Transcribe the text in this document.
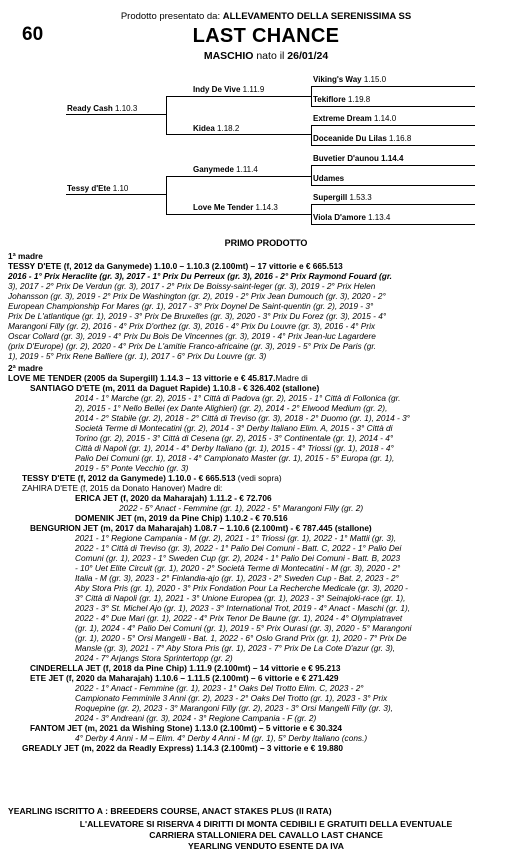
Prodotto presentato da: ALLEVAMENTO DELLA SERENISSIMA SS
60	LAST CHANCE
MASCHIO nato il 26/01/24
Ready Cash 1.10.3
Tessy d'Ete 1.10
Indy De Vive 1.11.9
Kidea 1.18.2
Ganymede 1.11.4
Love Me Tender 1.14.3
Viking's Way 1.15.0
Tekiflore 1.19.8
Extreme Dream 1.14.0
Doceanide Du Lilas 1.16.8
Buvetier D'aunou 1.14.4
Udames
Supergill 1.53.3
Viola D'amore 1.13.4
PRIMO PRODOTTO
1ª madre
TESSY D'ETE (f, 2012 da Ganymede) 1.10.0 – 1.10.3 (2.100mt) – 17 vittorie e € 665.513
2016 - 1° Prix Heraclite (gr. 3), 2017 - 1° Prix Du Perreux (gr. 3), 2016 - 2° Prix Raymond Fouard (gr.
3), 2017 - 2° Prix De Verdun (gr. 3), 2017 - 2° Prix De Boissy-saint-leger (gr. 3), 2019 - 2° Prix Helen
Johansson (gr. 3), 2019 - 2° Prix De Washington (gr. 2), 2019 - 2° Prix Jean Dumouch (gr. 3), 2020 - 2°
European Championship For Mares (gr. 1), 2017 - 3° Prix Doynel De Saint-quentin (gr. 2), 2019 - 3°
Prix De L'atlantique (gr. 1), 2019 - 3° Prix De Bruxelles (gr. 3), 2020 - 3° Prix Du Forez (gr. 3), 2015 - 4°
Marangoni Filly (gr. 2), 2016 - 4° Prix D'orthez (gr. 3), 2016 - 4° Prix Du Louvre (gr. 3), 2016 - 4° Prix
Oscar Collard (gr. 3), 2019 - 4° Prix Du Bois De Vincennes (gr. 3), 2019 - 4° Prix Jean-luc Lagardere
(prix D'Europe) (gr. 2), 2020 - 4° Prix De L'amitie Franco-africaine (gr. 3), 2019 - 5° Prix De Paris (gr.
1), 2019 - 5° Prix Rene Balliere (gr. 1), 2017 - 6° Prix Du Louvre (gr. 3)
2ª madre
LOVE ME TENDER (2005 da Supergill) 1.14.3 – 13 vittorie e € 45.817.Madre di
SANTIAGO D'ETE (m, 2011 da Daguet Rapide) 1.10.8 - € 326.402 (stallone)
2014 - 1° Marche (gr. 2), 2015 - 1° Città di Padova (gr. 2), 2015 - 1° Città di Follonica (gr.
2), 2015 - 1° Nello Bellei (ex Dante Alighieri) (gr. 2), 2014 - 2° Elwood Medium (gr. 2),
2014 - 2° Stabile (gr. 2), 2018 - 2° Città di Treviso (gr. 3), 2018 - 2° Duomo (gr. 1), 2014 - 3°
Società Terme di Montecatini (gr. 2), 2014 - 3° Derby Italiano Elim. A, 2015 - 3° Città di
Torino (gr. 2), 2015 - 3° Città di Cesena (gr. 2), 2015 - 3° Continentale (gr. 1), 2014 - 4°
Città di Napoli (gr. 1), 2014 - 4° Derby Italiano (gr. 1), 2015 - 4° Triossi (gr. 1), 2018 - 4°
Palio Dei Comuni (gr. 1), 2018 - 4° Campionato Master (gr. 1), 2015 - 5° Europa (gr. 1),
2019 - 5° Ponte Vecchio (gr. 3)
TESSY D'ETE (f, 2012 da Ganymede) 1.10.0 - € 665.513 (vedi sopra)
ZAHIRA D'ETE (f, 2015 da Donato Hanover) Madre di:
ERICA JET (f, 2020 da Maharajah) 1.11.2 - € 72.706
2022 - 5° Anact - Femmine (gr. 1), 2022 - 5° Marangoni Filly (gr. 2)
DOMENIK JET (m, 2019 da Pine Chip) 1.10.2 - € 70.516
BENGURION JET (m, 2017 da Maharajah) 1.08.7 – 1.10.6 (2.100mt) - € 787.445 (stallone)
2021 - 1° Regione Campania - M (gr. 2), 2021 - 1° Triossi (gr. 1), 2022 - 1° Mattii (gr. 3),
2022 - 1° Città di Treviso (gr. 3), 2022 - 1° Palio Dei Comuni - Batt. C, 2022 - 1° Palio Dei
Comuni (gr. 1), 2023 - 1° Sweden Cup (gr. 2), 2024 - 1° Palio Dei Comuni - Batt. B, 2023
- 10° Uet Elite Circuit (gr. 1), 2020 - 2° Società Terme di Montecatini - M (gr. 3), 2020 - 2°
Italia - M (gr. 3), 2023 - 2° Finlandia-ajo (gr. 1), 2023 - 2° Sweden Cup - Bat. 2, 2023 - 2°
Aby Stora Pris (gr. 1), 2020 - 3° Prix Fondation Pour La Recherche Medicale (gr. 3), 2020 -
3° Città di Napoli (gr. 1), 2021 - 3° Unione Europea (gr. 1), 2023 - 3° Seinajoki-race (gr. 1),
2023 - 3° St. Michel Ajo (gr. 1), 2023 - 3° International Trot, 2019 - 4° Anact - Maschi (gr. 1),
2022 - 4° Due Mari (gr. 1), 2022 - 4° Prix Tenor De Baune (gr. 1), 2024 - 4° Olympiatravet
(gr. 1), 2024 - 4° Palio Dei Comuni (gr. 1), 2019 - 5° Prix Ourasi (gr. 3), 2020 - 5° Marangoni
(gr. 1), 2020 - 5° Orsi Mangelli - Bat. 1, 2022 - 6° Oslo Grand Prix (gr. 1), 2020 - 7° Prix De
Mansle (gr. 3), 2021 - 7° Aby Stora Pris (gr. 1), 2023 - 7° Prix De La Cote D'azur (gr. 3),
2024 - 7° Arjangs Stora Sprintertopp (gr. 2)
CINDERELLA JET (f, 2018 da Pine Chip) 1.11.9 (2.100mt) – 14 vittorie e € 95.213
ETE JET (f, 2020 da Maharajah) 1.10.6 – 1.11.5 (2.100mt) – 6 vittorie e € 271.429
2022 - 1° Anact - Femmine (gr. 1), 2023 - 1° Oaks Del Trotto Elim. C, 2023 - 2°
Campionato Femminile 3 Anni (gr. 2), 2023 - 2° Oaks Del Trotto (gr. 1), 2023 - 3° Prix
Roquepine (gr. 2), 2023 - 3° Marangoni Filly (gr. 2), 2023 - 3° Orsi Mangelli Filly (gr. 3),
2024 - 3° Andreani (gr. 3), 2024 - 3° Regione Campania - F (gr. 2)
FANTOM JET (m, 2021 da Wishing Stone) 1.13.0 (2.100mt) – 5 vittorie e € 30.324
4° Derby 4 Anni - M – Elim. 4° Derby 4 Anni - M (gr. 1), 5° Derby Italiano (cons.)
GREADLY JET (m, 2022 da Readly Express) 1.14.3 (2.100mt) – 3 vittorie e € 19.880
YEARLING ISCRITTO A : BREEDERS COURSE, ANACT STAKES PLUS (II RATA)
L'ALLEVATORE SI RISERVA 4 DIRITTI DI MONTA CEDIBILI E GRATUITI DELLA EVENTUALE
CARRIERA STALLONIERA DEL CAVALLO LAST CHANCE
YEARLING VENDUTO ESENTE DA IVA
